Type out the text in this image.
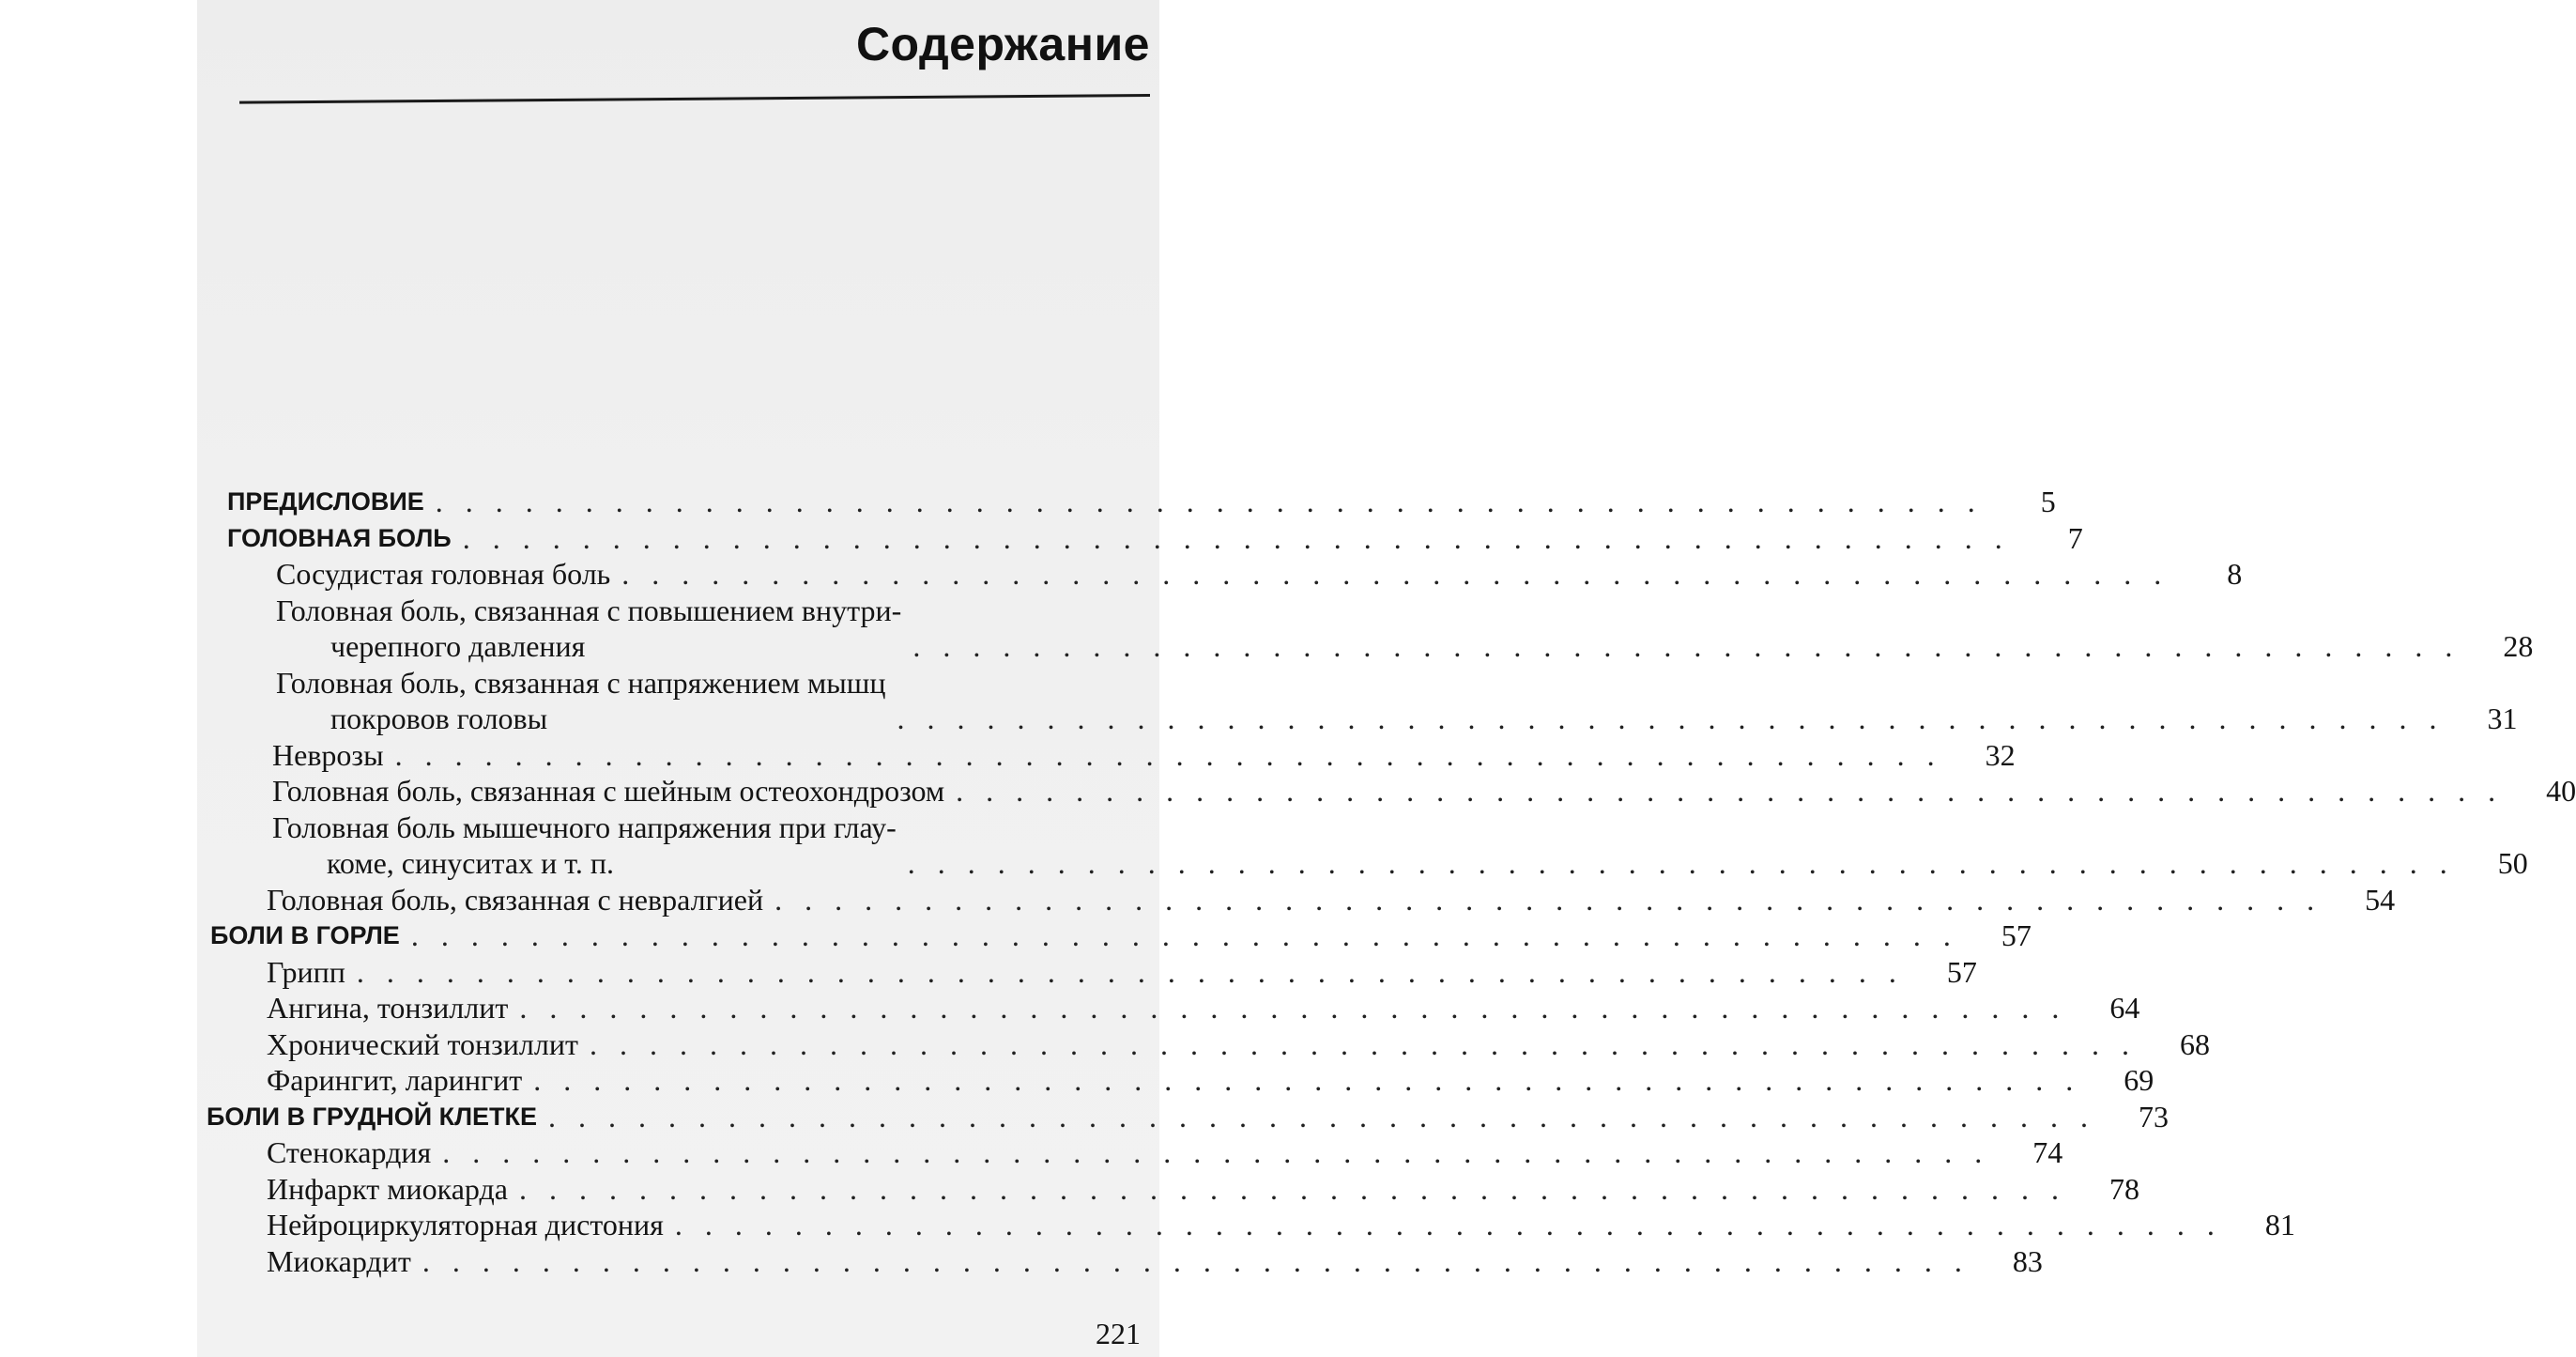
Содержание
ПРЕДИСЛОВИЕ . . . . . . . . . . . . . . . . . . . . . . . . . . . . . . . . . . . . . . . . . . . . . . . . . . . .	5
ГОЛОВНАЯ БОЛЬ . . . . . . . . . . . . . . . . . . . . . . . . . . . . . . . . . . . . . . . . . . . . . . . . . . . .	7
Сосудистая головная боль . . . . . . . . . . . . . . . . . . . . . . . . . . . . . . . . . . . . . . . . . . . . . . . . . . . .	8
Головная боль, связанная с повышением внутри-
черепного давления	. . . . . . . . . . . . . . . . . . . . . . . . . . . . . . . . . . . . . . . . . . . . . . . . . . . .	28
Головная боль, связанная с напряжением мышц
покровов головы	. . . . . . . . . . . . . . . . . . . . . . . . . . . . . . . . . . . . . . . . . . . . . . . . . . . .	31
Неврозы . . . . . . . . . . . . . . . . . . . . . . . . . . . . . . . . . . . . . . . . . . . . . . . . . . . .	32
Головная боль, связанная с шейным остеохондрозом . . . . . . . . . . . . . . . . . . . . . . . . . . . . . . . . . . . . . . . . . . . . . . . . . . . .	40
Головная боль мышечного напряжения при глау-
коме, синуситах и т. п.	. . . . . . . . . . . . . . . . . . . . . . . . . . . . . . . . . . . . . . . . . . . . . . . . . . . .	50
Головная боль, связанная с невралгией . . . . . . . . . . . . . . . . . . . . . . . . . . . . . . . . . . . . . . . . . . . . . . . . . . . .	54
БОЛИ В ГОРЛЕ . . . . . . . . . . . . . . . . . . . . . . . . . . . . . . . . . . . . . . . . . . . . . . . . . . . .	57
Грипп . . . . . . . . . . . . . . . . . . . . . . . . . . . . . . . . . . . . . . . . . . . . . . . . . . . .	57
Ангина, тонзиллит . . . . . . . . . . . . . . . . . . . . . . . . . . . . . . . . . . . . . . . . . . . . . . . . . . . .	64
Хронический тонзиллит . . . . . . . . . . . . . . . . . . . . . . . . . . . . . . . . . . . . . . . . . . . . . . . . . . . .	68
Фарингит, ларингит . . . . . . . . . . . . . . . . . . . . . . . . . . . . . . . . . . . . . . . . . . . . . . . . . . . .	69
БОЛИ В ГРУДНОЙ КЛЕТКЕ . . . . . . . . . . . . . . . . . . . . . . . . . . . . . . . . . . . . . . . . . . . . . . . . . . . .	73
Стенокардия . . . . . . . . . . . . . . . . . . . . . . . . . . . . . . . . . . . . . . . . . . . . . . . . . . . .	74
Инфаркт миокарда . . . . . . . . . . . . . . . . . . . . . . . . . . . . . . . . . . . . . . . . . . . . . . . . . . . .	78
Нейроциркуляторная дистония . . . . . . . . . . . . . . . . . . . . . . . . . . . . . . . . . . . . . . . . . . . . . . . . . . . .	81
Миокардит . . . . . . . . . . . . . . . . . . . . . . . . . . . . . . . . . . . . . . . . . . . . . . . . . . . .	83
221
